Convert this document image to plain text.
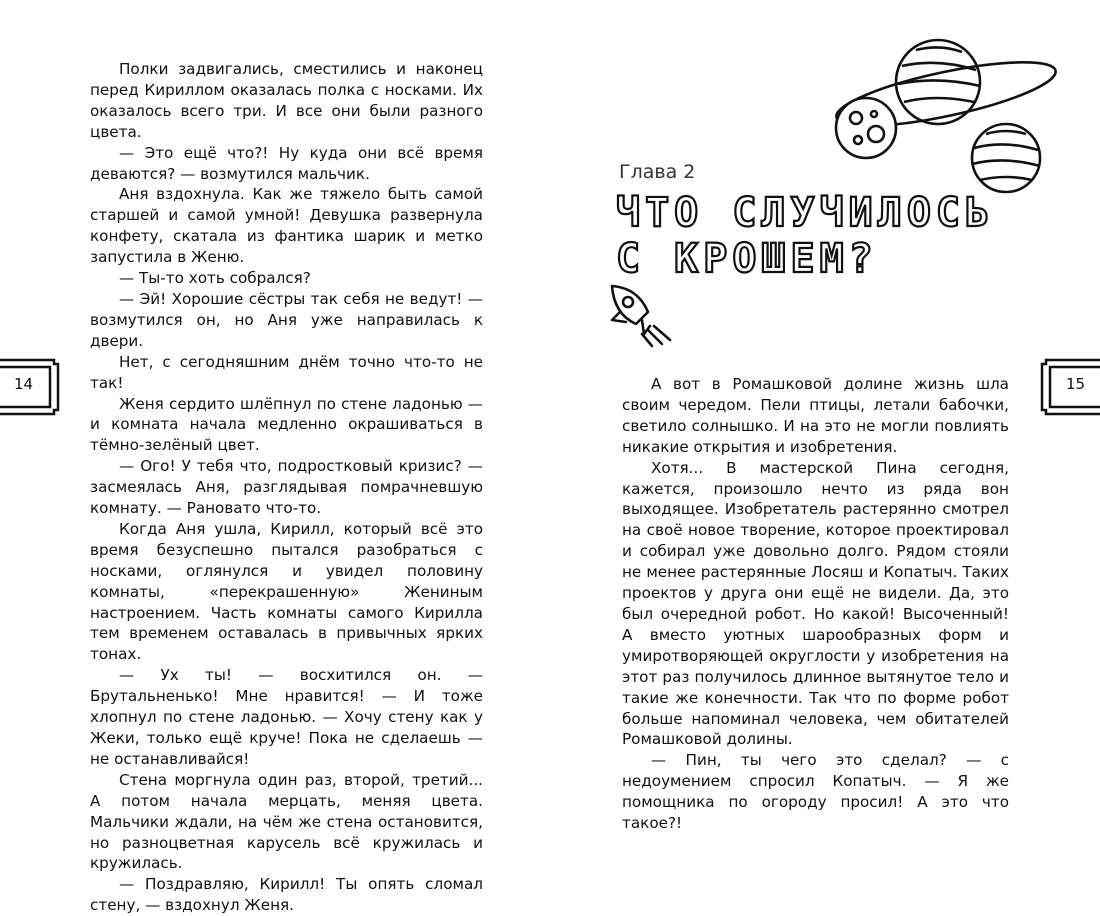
Полки задвигались, сместились и наконец перед Кириллом оказалась полка с носками. Их оказалось всего три. И все они были разного цвета.

— Это ещё что?! Ну куда они всё время деваются? — возмутился мальчик.

Аня вздохнула. Как же тяжело быть самой старшей и самой умной! Девушка развернула конфету, скатала из фантика шарик и метко запустила в Женю.

— Ты-то хоть собрался?

— Эй! Хорошие сёстры так себя не ведут! — возмутился он, но Аня уже направилась к двери.

Нет, с сегодняшним днём точно что-то не так!

Женя сердито шлёпнул по стене ладонью — и комната начала медленно окрашиваться в тёмно-зелёный цвет.

— Ого! У тебя что, подростковый кризис? — засмеялась Аня, разглядывая помрачневшую комнату. — Рановато что-то.

Когда Аня ушла, Кирилл, который всё это время безуспешно пытался разобраться с носками, оглянулся и увидел половину комнаты, «перекрашенную» Жениным настроением. Часть комнаты самого Кирилла тем временем оставалась в привычных ярких тонах.

— Ух ты! — восхитился он. — Брутальненько! Мне нравится! — И тоже хлопнул по стене ладонью. — Хочу стену как у Жеки, только ещё круче! Пока не сделаешь — не останавливайся!

Стена моргнула один раз, второй, третий... А потом начала мерцать, меняя цвета. Мальчики ждали, на чём же стена остановится, но разноцветная карусель всё кружилась и кружилась.

— Поздравляю, Кирилл! Ты опять сломал стену, — вздохнул Женя.

14
Глава 2
ЧТО СЛУЧИЛОСЬ С КРОШЕМ?

А вот в Ромашковой долине жизнь шла своим чередом. Пели птицы, летали бабочки, светило солнышко. И на это не могли повлиять никакие открытия и изобретения.

Хотя... В мастерской Пина сегодня, кажется, произошло нечто из ряда вон выходящее. Изобретатель растерянно смотрел на своё новое творение, которое проектировал и собирал уже довольно долго. Рядом стояли не менее растерянные Лосяш и Копатыч. Таких проектов у друга они ещё не видели. Да, это был очередной робот. Но какой! Высоченный! А вместо уютных шарообразных форм и умиротворяющей округлости у изобретения на этот раз получилось длинное вытянутое тело и такие же конечности. Так что по форме робот больше напоминал человека, чем обитателей Ромашковой долины.

— Пин, ты чего это сделал? — с недоумением спросил Копатыч. — Я же помощника по огороду просил! А это что такое?!

15
